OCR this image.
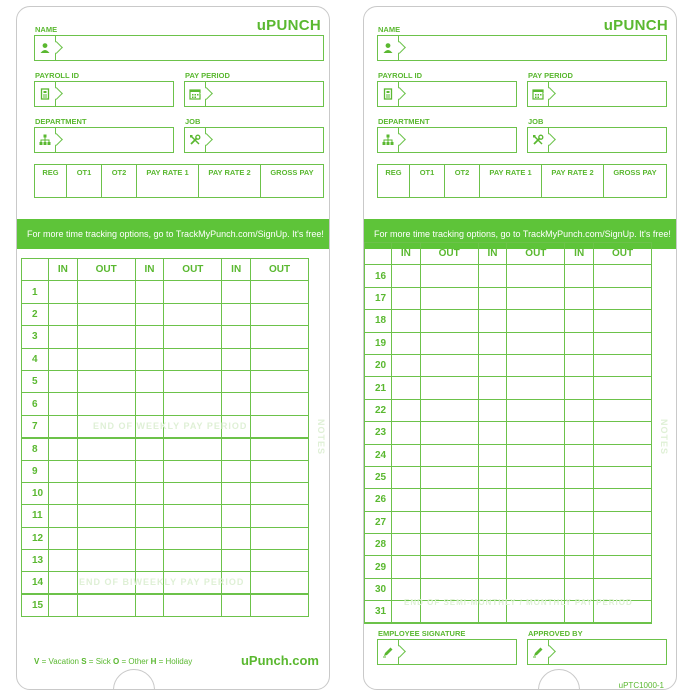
uPUNCH
NAME
PAYROLL ID	PAY PERIOD
DEPARTMENT	JOB
REG	OT1	OT2	PAY RATE 1	PAY RATE 2	GROSS PAY
For more time tracking options, go to TrackMyPunch.com/SignUp. It's free!
	IN	OUT	IN	OUT	IN	OUT
1						
2						
3						
4						
5						
6						
7						
8						
9						
10						
11						
12						
13						
14						
15						
END OF WEEKLY PAY PERIOD
END OF BIWEEKLY PAY PERIOD
NOTES
V = Vacation S = Sick O = Other H = Holiday	uPunch.com
uPUNCH
NAME
PAYROLL ID	PAY PERIOD
DEPARTMENT	JOB
REG	OT1	OT2	PAY RATE 1	PAY RATE 2	GROSS PAY
For more time tracking options, go to TrackMyPunch.com/SignUp. It's free!
	IN	OUT	IN	OUT	IN	OUT
16						
17						
18						
19						
20						
21						
22						
23						
24						
25						
26						
27						
28						
29						
30						
31						
END OF SEMI-MONTHLY / MONTHLY PAY PERIOD
NOTES
EMPLOYEE SIGNATURE	APPROVED BY
uPTC1000-1
